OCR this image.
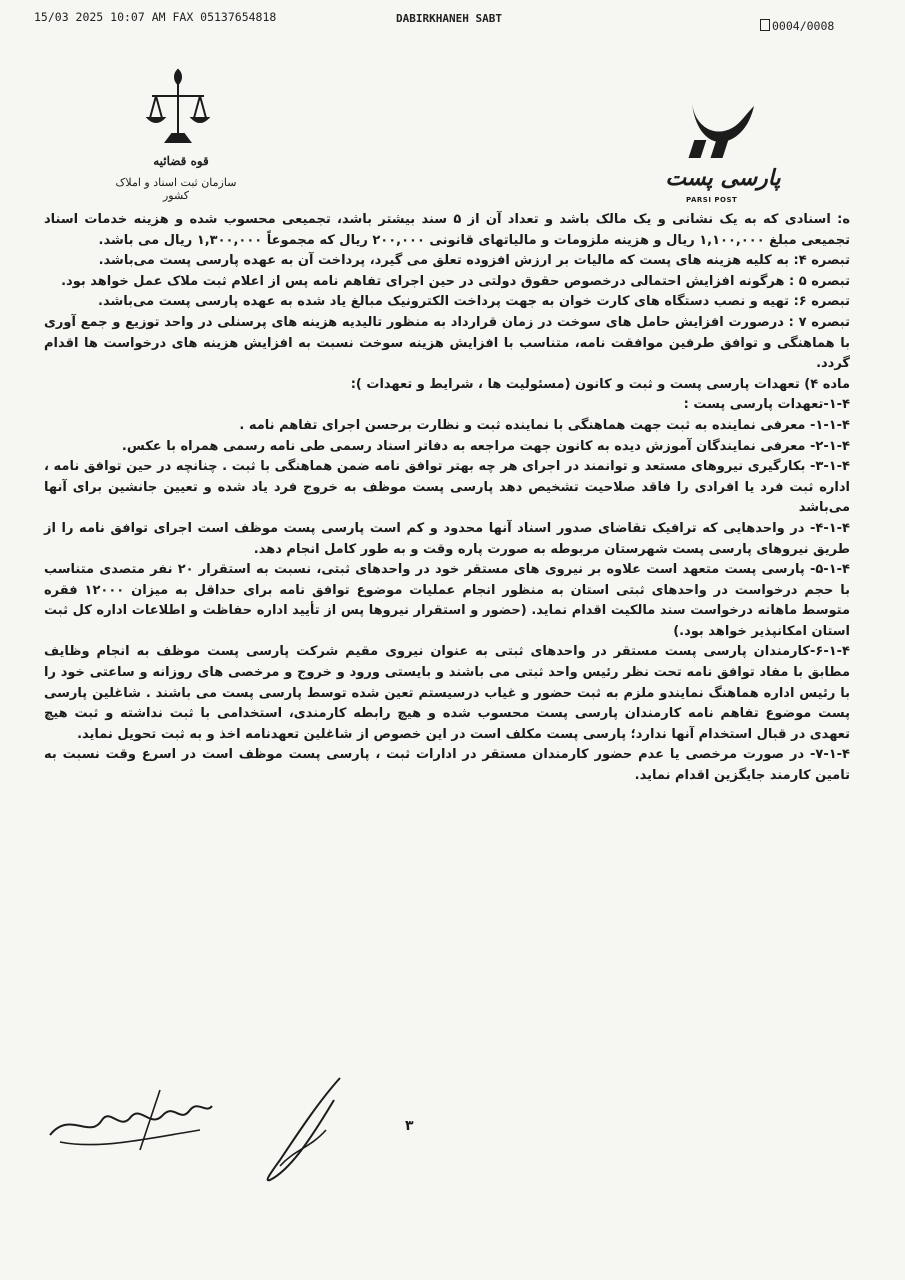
15/03 2025 10:07 AM FAX 05137654818	DABIRKHANEH SABT
0004/0008
قوه قضائیه
سازمان ثبت اسناد و املاک کشور
پارسی پست
PARSI POST

ه: اسنادی که به یک نشانی و یک مالک باشد و تعداد آن از ۵ سند بیشتر باشد، تجمیعی محسوب شده و هزینه خدمات اسناد تجمیعی مبلغ ۱,۱۰۰,۰۰۰ ریال و هزینه ملزومات و مالیاتهای قانونی ۲۰۰,۰۰۰ ریال که مجموعاً ۱,۳۰۰,۰۰۰ ریال می باشد.

تبصره ۴: به کلیه هزینه های پست که مالیات بر ارزش افزوده تعلق می گیرد، پرداخت آن به عهده پارسی پست می‌باشد.

تبصره ۵ : هرگونه افزایش احتمالی درخصوص حقوق دولتی در حین اجرای تفاهم نامه پس از اعلام ثبت ملاک عمل خواهد بود.

تبصره ۶: تهیه و نصب دستگاه های کارت خوان به جهت پرداخت الکترونیک مبالغ یاد شده به عهده پارسی پست می‌باشد.

تبصره ۷ : درصورت افزایش حامل های سوخت در زمان قرارداد به منظور تالیدیه هزینه های پرسنلی در واحد توزیع و جمع آوری با هماهنگی و توافق طرفین موافقت نامه، متناسب با افزایش هزینه سوخت نسبت به افزایش هزینه های درخواست ها اقدام گردد.

ماده ۴) تعهدات پارسی پست و ثبت و کانون (مسئولیت ها ، شرایط و تعهدات ):

۱-۴-تعهدات پارسی پست :

۱-۱-۴- معرفی نماینده به ثبت جهت هماهنگی با نماینده ثبت و نظارت برحسن اجرای تفاهم نامه .

۲-۱-۴- معرفی نمایندگان آموزش دیده به کانون جهت مراجعه به دفاتر اسناد رسمی طی نامه رسمی همراه با عکس.

۳-۱-۴- بکارگیری نیروهای مستعد و توانمند در اجرای هر چه بهتر توافق نامه ضمن هماهنگی با ثبت . چنانچه در حین توافق نامه ، اداره ثبت فرد یا افرادی را فاقد صلاحیت تشخیص دهد پارسی پست موظف به خروج فرد یاد شده و تعیین جانشین برای آنها می‌باشد

۴-۱-۴- در واحدهایی که ترافیک تقاضای صدور اسناد آنها محدود و کم است پارسی پست موظف است اجرای توافق نامه را از طریق نیروهای پارسی پست شهرستان مربوطه به صورت پاره وقت و به طور کامل انجام دهد.

۵-۱-۴- پارسی پست متعهد است علاوه بر نیروی های مستقر خود در واحدهای ثبتی، نسبت به استقرار ۲۰ نفر متصدی متناسب با حجم درخواست در واحدهای ثبتی استان به منظور انجام عملیات موضوع توافق نامه برای حداقل به میزان ۱۲۰۰۰ فقره متوسط ماهانه درخواست سند مالکیت اقدام نماید. (حضور و استقرار نیروها پس از تأیید اداره حفاظت و اطلاعات اداره کل ثبت استان امکانپذیر خواهد بود.)

۶-۱-۴-کارمندان پارسی پست مستقر در واحدهای ثبتی به عنوان نیروی مقیم شرکت پارسی پست موظف به انجام وظایف مطابق با مفاد توافق نامه تحت نظر رئیس واحد ثبتی می باشند و بایستی ورود و خروج و مرخصی های روزانه و ساعتی خود را با رئیس اداره هماهنگ نمایندو ملزم به ثبت حضور و غیاب درسیستم تعین شده توسط پارسی پست می باشند . شاغلین پارسی پست موضوع تفاهم نامه کارمندان پارسی پست محسوب شده و هیچ رابطه کارمندی، استخدامی با ثبت نداشته و ثبت هیچ تعهدی در قبال استخدام آنها ندارد؛ پارسی پست مکلف است در این خصوص از شاغلین تعهدنامه اخذ و به ثبت تحویل نماید.

۷-۱-۴- در صورت مرخصی یا عدم حضور کارمندان مستقر در ادارات ثبت ، پارسی پست موظف است در اسرع وقت نسبت به تامین کارمند جایگزین اقدام نماید.

۳
